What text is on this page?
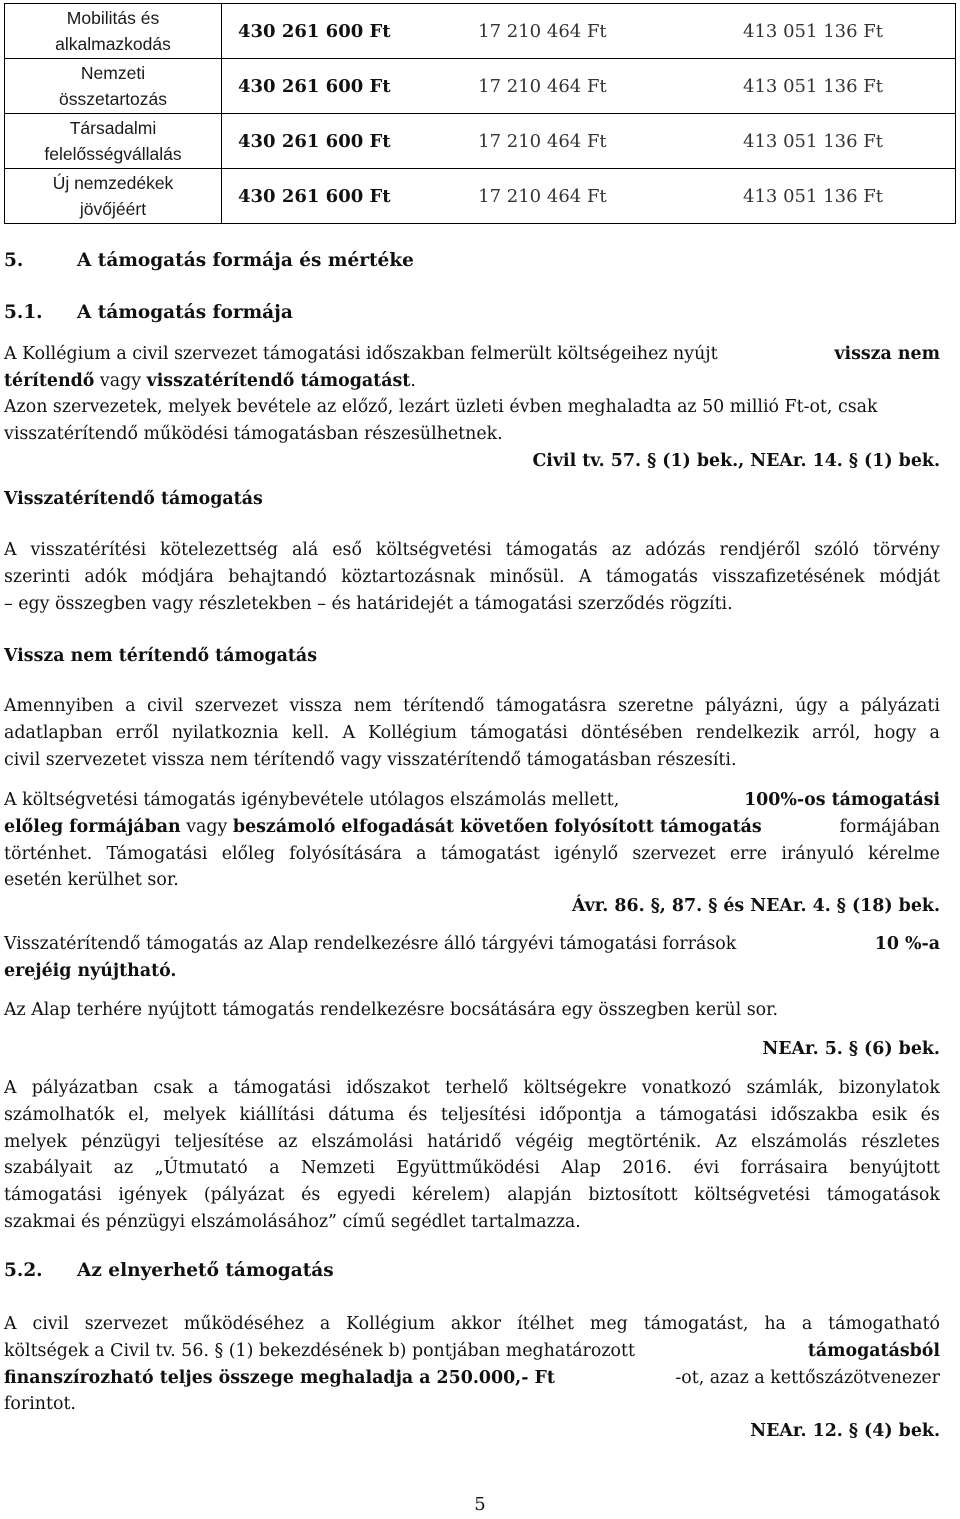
Mobilitás és
alkalmazkodás	430 261 600 Ft	17 210 464 Ft	413 051 136 Ft
Nemzeti
összetartozás	430 261 600 Ft	17 210 464 Ft	413 051 136 Ft
Társadalmi
felelősségvállalás	430 261 600 Ft	17 210 464 Ft	413 051 136 Ft
Új nemzedékek
jövőjéért	430 261 600 Ft	17 210 464 Ft	413 051 136 Ft
5.	A támogatás formája és mértéke
5.1. A támogatás formája
A Kollégium a civil szervezet támogatási időszakban felmerült költségeihez nyújt	vissza nem
térítendő vagy visszatérítendő támogatást.
Azon szervezetek, melyek bevétele az előző, lezárt üzleti évben meghaladta az 50 millió Ft-ot, csak
visszatérítendő működési támogatásban részesülhetnek.
Civil tv. 57. § (1) bek., NEAr. 14. § (1) bek.
Visszatérítendő támogatás
A visszatérítési kötelezettség alá eső költségvetési támogatás az adózás rendjéről szóló törvény
szerinti adók módjára behajtandó köztartozásnak minősül. A támogatás visszafizetésének módját
– egy összegben vagy részletekben – és határidejét a támogatási szerződés rögzíti.
Vissza nem térítendő támogatás
Amennyiben a civil szervezet vissza nem térítendő támogatásra szeretne pályázni, úgy a pályázati
adatlapban erről nyilatkoznia kell. A Kollégium támogatási döntésében rendelkezik arról, hogy a
civil szervezetet vissza nem térítendő vagy visszatérítendő támogatásban részesíti.
A költségvetési támogatás igénybevétele utólagos elszámolás mellett,	100%-os támogatási
előleg formájában vagy beszámoló elfogadását követően folyósított támogatás	formájában
történhet. Támogatási előleg folyósítására a támogatást igénylő szervezet erre irányuló kérelme
esetén kerülhet sor.
Ávr. 86. §, 87. § és NEAr. 4. § (18) bek.
Visszatérítendő támogatás az Alap rendelkezésre álló tárgyévi támogatási források	10 %-a
erejéig nyújtható.
Az Alap terhére nyújtott támogatás rendelkezésre bocsátására egy összegben kerül sor.
NEAr. 5. § (6) bek.
A pályázatban csak a támogatási időszakot terhelő költségekre vonatkozó számlák, bizonylatok
számolhatók el, melyek kiállítási dátuma és teljesítési időpontja a támogatási időszakba esik és
melyek pénzügyi teljesítése az elszámolási határidő végéig megtörténik. Az elszámolás részletes
szabályait az „Útmutató a Nemzeti Együttműködési Alap 2016. évi forrásaira benyújtott
támogatási igények (pályázat és egyedi kérelem) alapján biztosított költségvetési támogatások
szakmai és pénzügyi elszámolásához” című segédlet tartalmazza.
5.2. Az elnyerhető támogatás
A civil szervezet működéséhez a Kollégium akkor ítélhet meg támogatást, ha a támogatható
költségek a Civil tv. 56. § (1) bekezdésének b) pontjában meghatározott	támogatásból
finanszírozható teljes összege meghaladja a 250.000,- Ft	-ot, azaz a kettőszázötvenezer
forintot.
NEAr. 12. § (4) bek.
5
